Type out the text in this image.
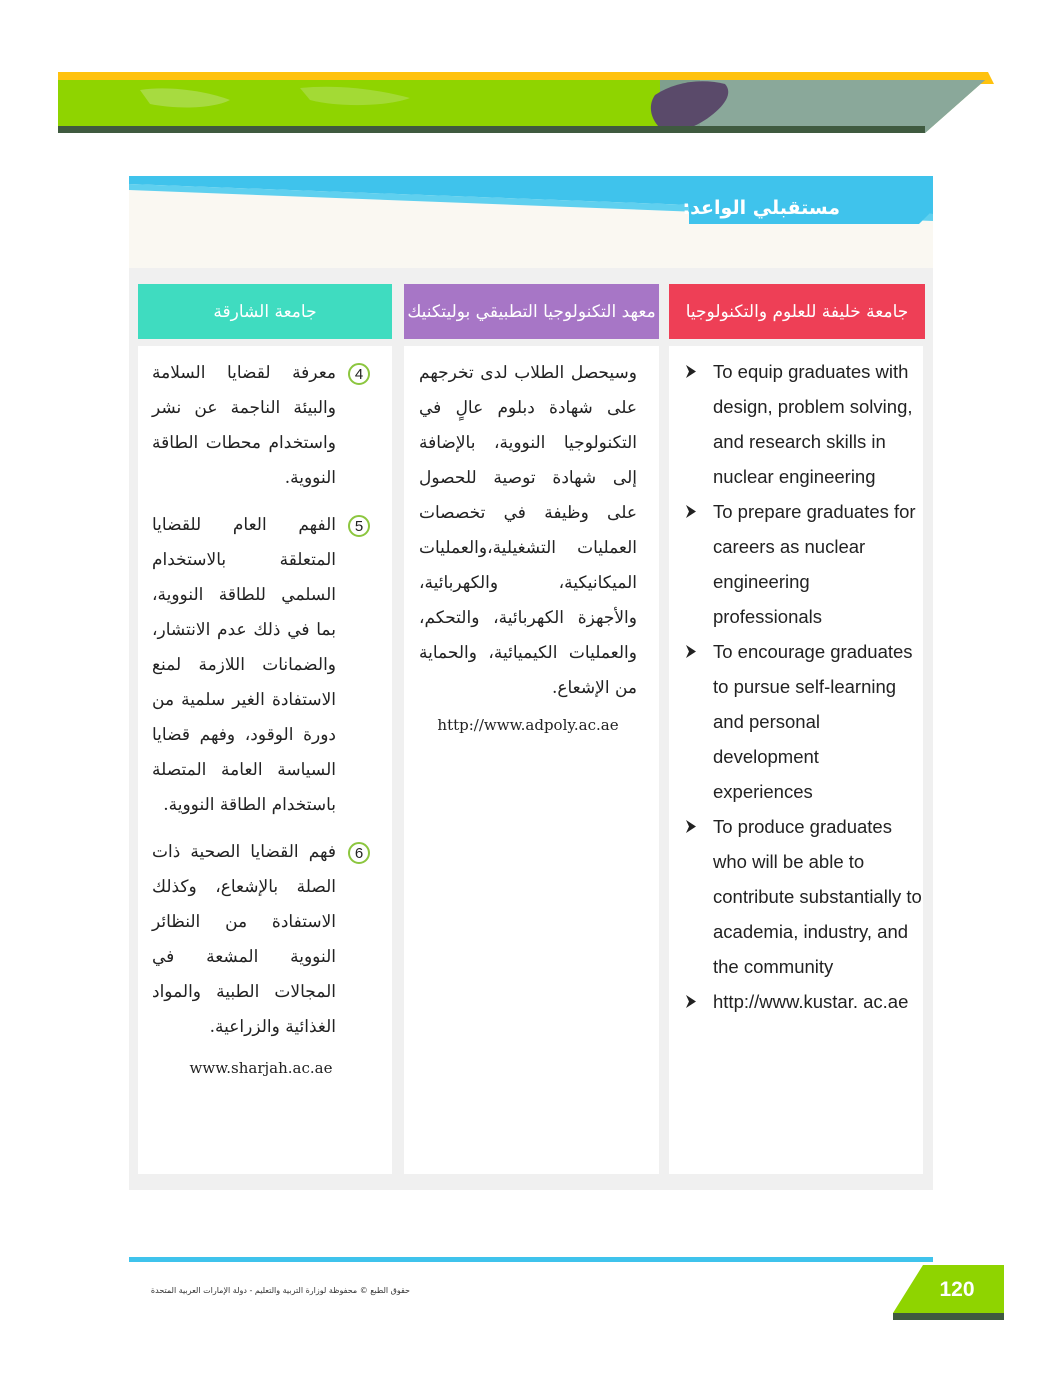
مستقبلي الواعد:
جامعة خليفة للعلوم والتكنولوجيا
To equip graduates with design, problem solving, and research skills in nuclear engineering
To prepare graduates for careers as nuclear engineering professionals
To encourage graduates to pursue self-learning and personal development experiences
To produce graduates who will be able to contribute substantially to academia, industry, and the community
http://www.kustar. ac.ae
معهد التكنولوجيا التطبيقي بوليتكنيك

وسيحصل الطلاب لدى تخرجهم على شهادة دبلوم عالٍ في التكنولوجيا النووية، بالإضافة إلى شهادة توصية للحصول على وظيفة في تخصصات العمليات التشغيلية،والعمليات الميكانيكية، والكهربائية، والأجهزة الكهربائية، والتحكم، والعمليات الكيميائية، والحماية من الإشعاع.

http://www.adpoly.ac.ae
جامعة الشارقة
4
معرفة لقضايا السلامة والبيئة الناجمة عن نشر واستخدام محطات الطاقة النووية.
5
الفهم العام للقضايا المتعلقة بالاستخدام السلمي للطاقة النووية، بما في ذلك عدم الانتشار، والضمانات اللازمة لمنع الاستفادة الغير سلمية من دورة الوقود، وفهم قضايا السياسة العامة المتصلة باستخدام الطاقة النووية.
6
فهم القضايا الصحية ذات الصلة بالإشعاع، وكذلك الاستفادة من النظائر النووية المشعة في المجالات الطبية والمواد الغذائية والزراعية.
www.sharjah.ac.ae
حقوق الطبع © محفوظة لوزارة التربية والتعليم - دولة الإمارات العربية المتحدة	120
